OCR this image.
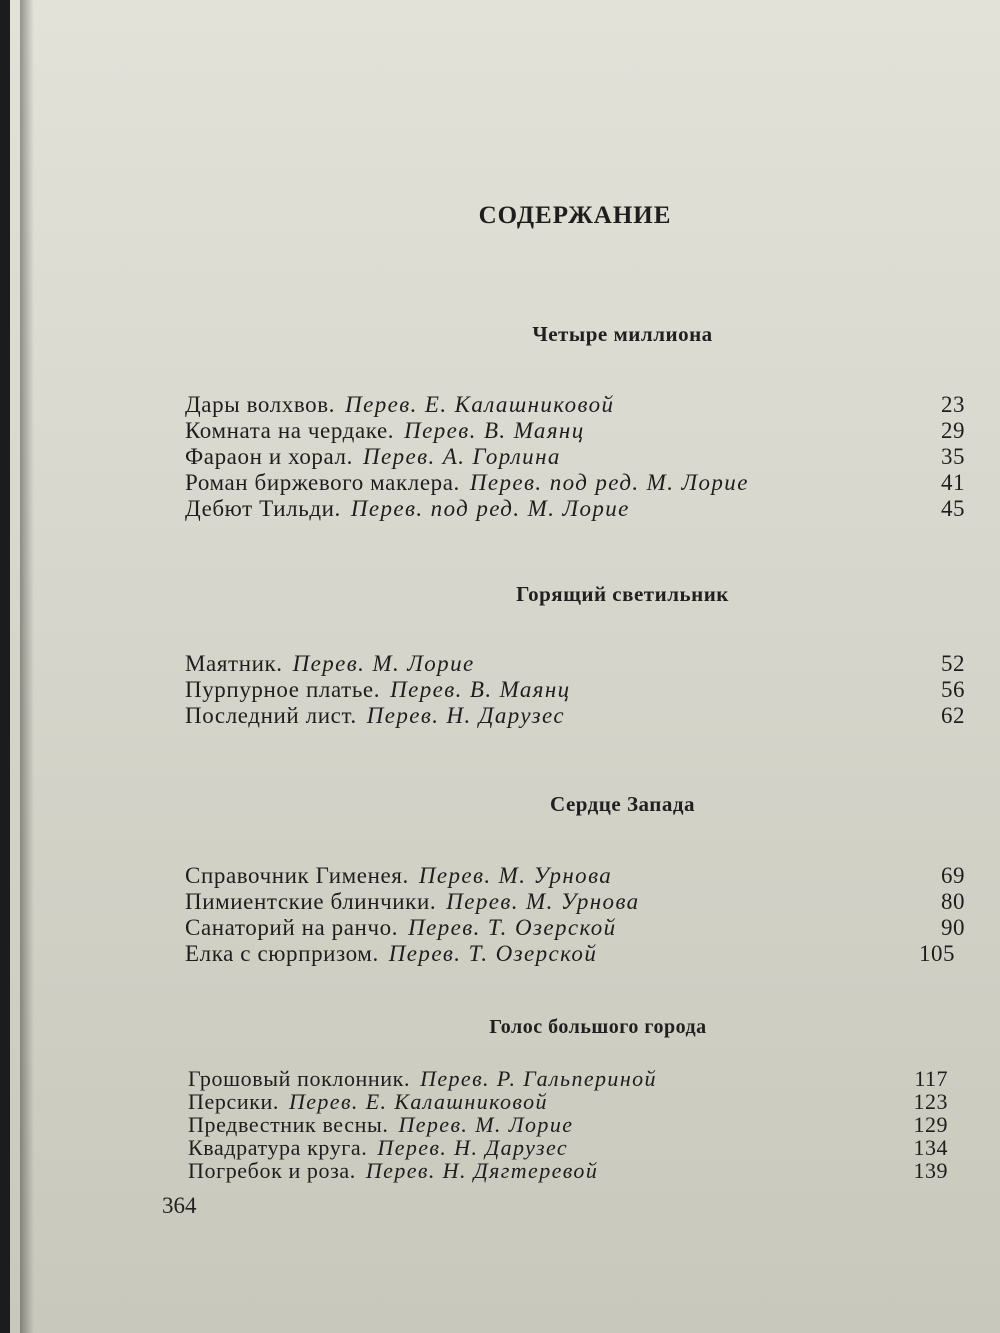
СОДЕРЖАНИЕ
Четыре миллиона
Дары волхвов. Перев. Е. Калашниковой	23
Комната на чердаке. Перев. В. Маянц	29
Фараон и хорал. Перев. А. Горлина	35
Роман биржевого маклера. Перев. под ред. М. Лорие	41
Дебют Тильди. Перев. под ред. М. Лорие	45
Горящий светильник
Маятник. Перев. М. Лорие	52
Пурпурное платье. Перев. В. Маянц	56
Последний лист. Перев. Н. Дарузес	62
Сердце Запада
Справочник Гименея. Перев. М. Урнова	69
Пимиентские блинчики. Перев. М. Урнова	80
Санаторий на ранчо. Перев. Т. Озерской	90
Елка с сюрпризом. Перев. Т. Озерской	105
Голос большого города
Грошовый поклонник. Перев. Р. Гальпериной	117
Персики. Перев. Е. Калашниковой	123
Предвестник весны. Перев. М. Лорие	129
Квадратура круга. Перев. Н. Дарузес	134
Погребок и роза. Перев. Н. Дягтеревой	139
364
